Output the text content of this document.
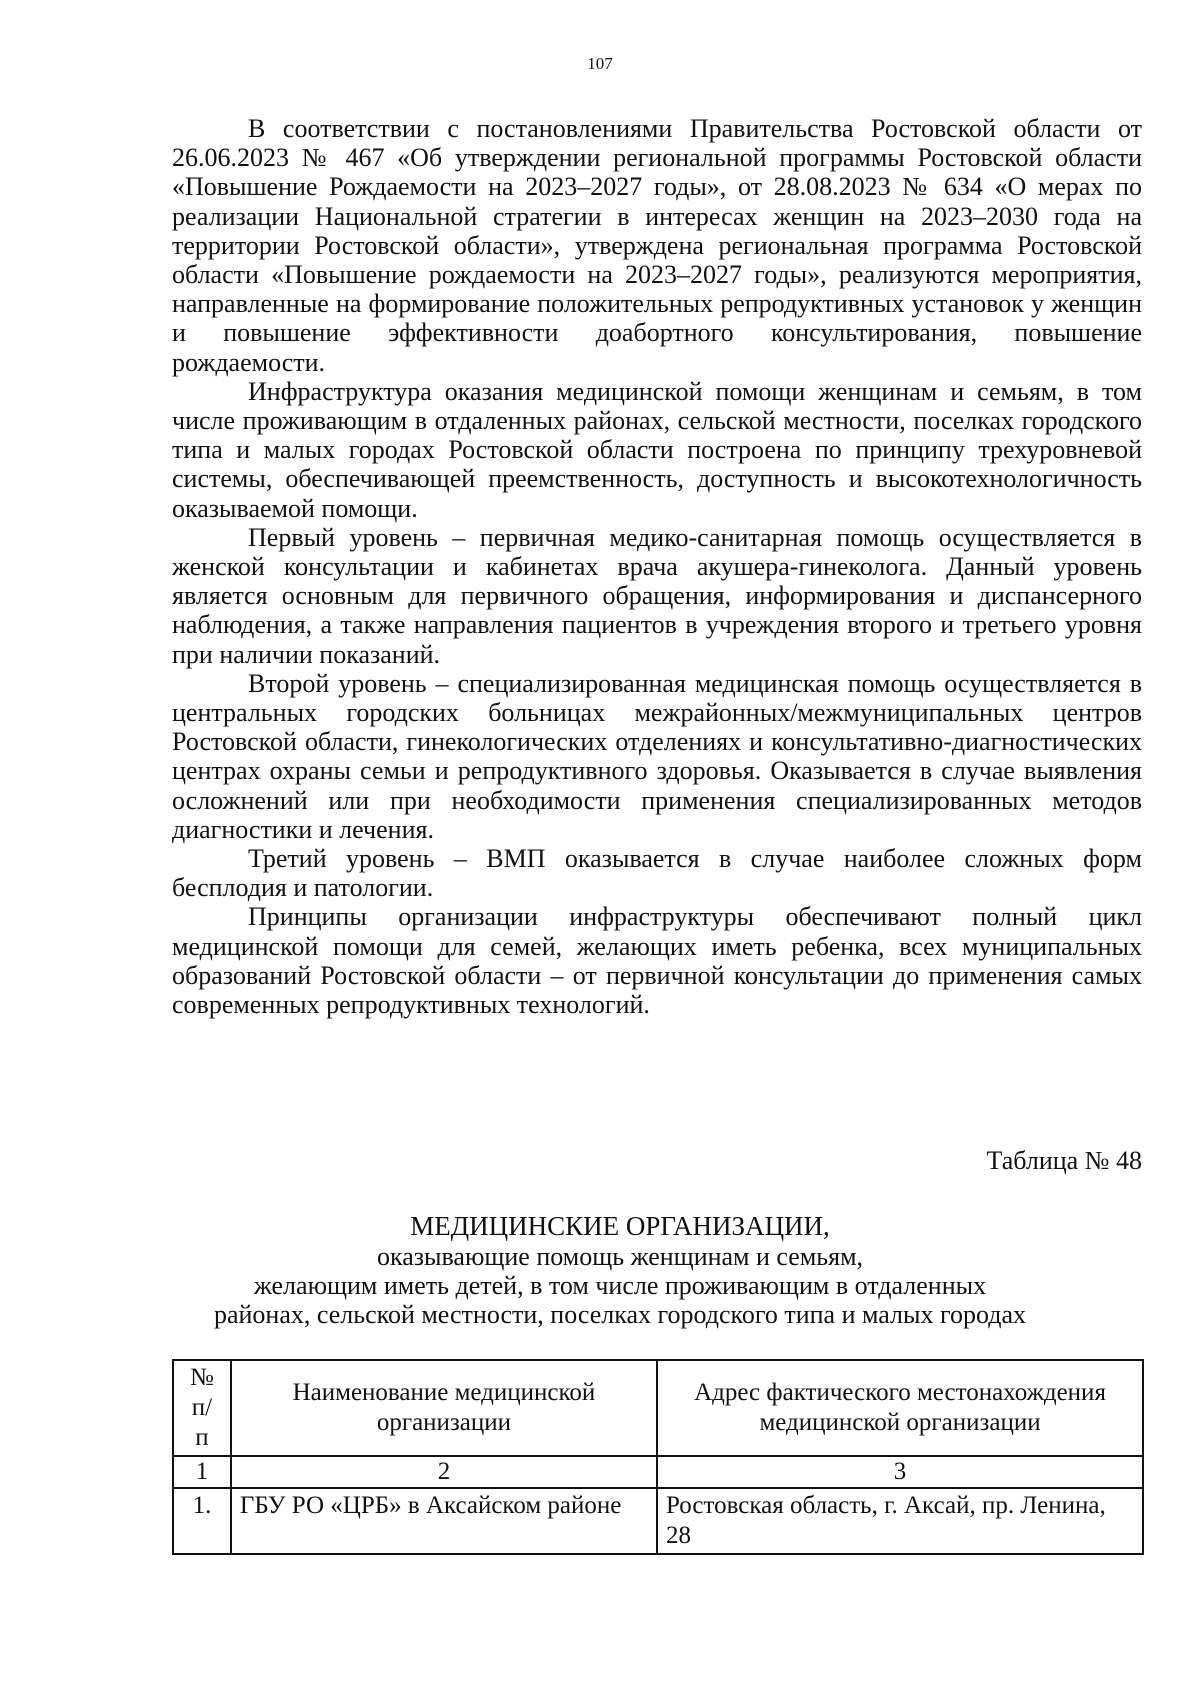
107

В соответствии с постановлениями Правительства Ростовской области от 26.06.2023 № 467 «Об утверждении региональной программы Ростовской области «Повышение Рождаемости на 2023–2027 годы», от 28.08.2023 № 634 «О мерах по реализации Национальной стратегии в интересах женщин на 2023–2030 года на территории Ростовской области», утверждена региональная программа Ростовской области «Повышение рождаемости на 2023–2027 годы», реализуются мероприятия, направленные на формирование положительных репродуктивных установок у женщин и повышение эффективности доабортного консультирования, повышение рождаемости.

Инфраструктура оказания медицинской помощи женщинам и семьям, в том числе проживающим в отдаленных районах, сельской местности, поселках городского типа и малых городах Ростовской области построена по принципу трехуровневой системы, обеспечивающей преемственность, доступность и высокотехнологичность оказываемой помощи.

Первый уровень – первичная медико-санитарная помощь осуществляется в женской консультации и кабинетах врача акушера-гинеколога. Данный уровень является основным для первичного обращения, информирования и диспансерного наблюдения, а также направления пациентов в учреждения второго и третьего уровня при наличии показаний.

Второй уровень – специализированная медицинская помощь осуществляется в центральных городских больницах межрайонных/межмуниципальных центров Ростовской области, гинекологических отделениях и консультативно-диагностических центрах охраны семьи и репродуктивного здоровья. Оказывается в случае выявления осложнений или при необходимости применения специализированных методов диагностики и лечения.

Третий уровень – ВМП оказывается в случае наиболее сложных форм бесплодия и патологии.

Принципы организации инфраструктуры обеспечивают полный цикл медицинской помощи для семей, желающих иметь ребенка, всех муниципальных образований Ростовской области – от первичной консультации до применения самых современных репродуктивных технологий.

Таблица № 48
МЕДИЦИНСКИЕ ОРГАНИЗАЦИИ,
оказывающие помощь женщинам и семьям,
желающим иметь детей, в том числе проживающим в отдаленных
районах, сельской местности, поселках городского типа и малых городах
№ п/ п	Наименование медицинской организации	Адрес фактического местонахождения медицинской организации
1	2	3
1.	ГБУ РО «ЦРБ» в Аксайском районе	Ростовская область, г. Аксай, пр. Ленина, 28
